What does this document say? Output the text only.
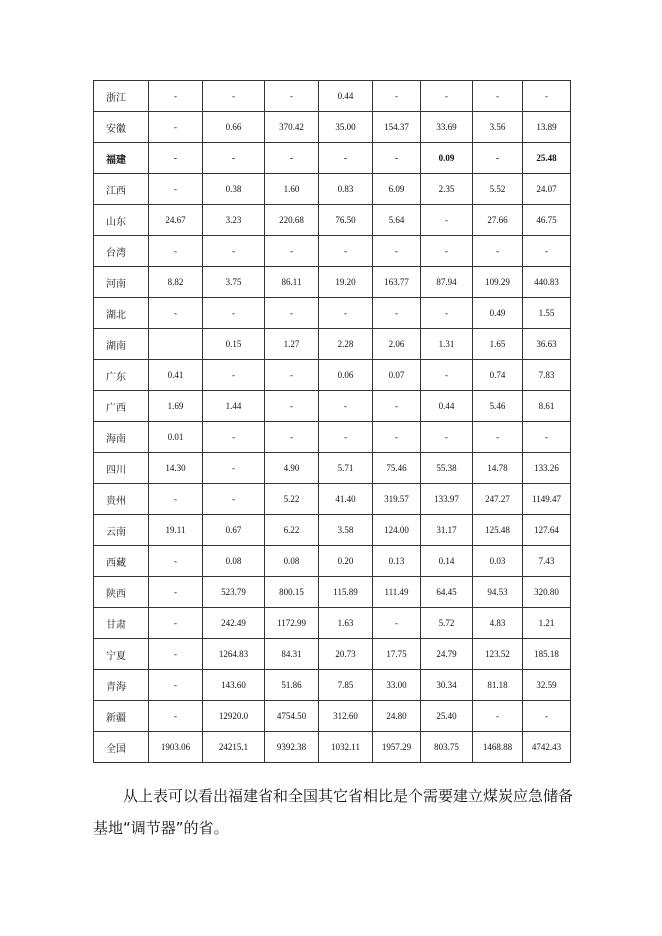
浙江	-	-	-	0.44	-	-	-	-
安徽	-	0.66	370.42	35.00	154.37	33.69	3.56	13.89
福建	-	-	-	-	-	0.09	-	25.48
江西	-	0.38	1.60	0.83	6.09	2.35	5.52	24.07
山东	24.67	3.23	220.68	76.50	5.64	-	27.66	46.75
台湾	-	-	-	-	-	-	-	-
河南	8.82	3.75	86.11	19.20	163.77	87.94	109.29	440.83
湖北	-	-	-	-	-	-	0.49	1.55
湖南		0.15	1.27	2.28	2.06	1.31	1.65	36.63
广东	0.41	-	-	0.06	0.07	-	0.74	7.83
广西	1.69	1.44	-	-	-	0.44	5.46	8.61
海南	0.01	-	-	-	-	-	-	-
四川	14.30	-	4.90	5.71	75.46	55.38	14.78	133.26
贵州	-	-	5.22	41.40	319.57	133.97	247.27	1149.47
云南	19.11	0.67	6.22	3.58	124.00	31.17	125.48	127.64
西藏	-	0.08	0.08	0.20	0.13	0.14	0.03	7.43
陕西	-	523.79	800.15	115.89	111.49	64.45	94.53	320.80
甘肃	-	242.49	1172.99	1.63	-	5.72	4.83	1.21
宁夏	-	1264.83	84.31	20.73	17.75	24.79	123.52	185.18
青海	-	143.60	51.86	7.85	33.00	30.34	81.18	32.59
新疆	-	12920.0	4754.50	312.60	24.80	25.40	-	-
全国	1903.06	24215.1	9392.38	1032.11	1957.29	803.75	1468.88	4742.43

从上表可以看出福建省和全国其它省相比是个需要建立煤炭应急储备基地“调节器”的省。
